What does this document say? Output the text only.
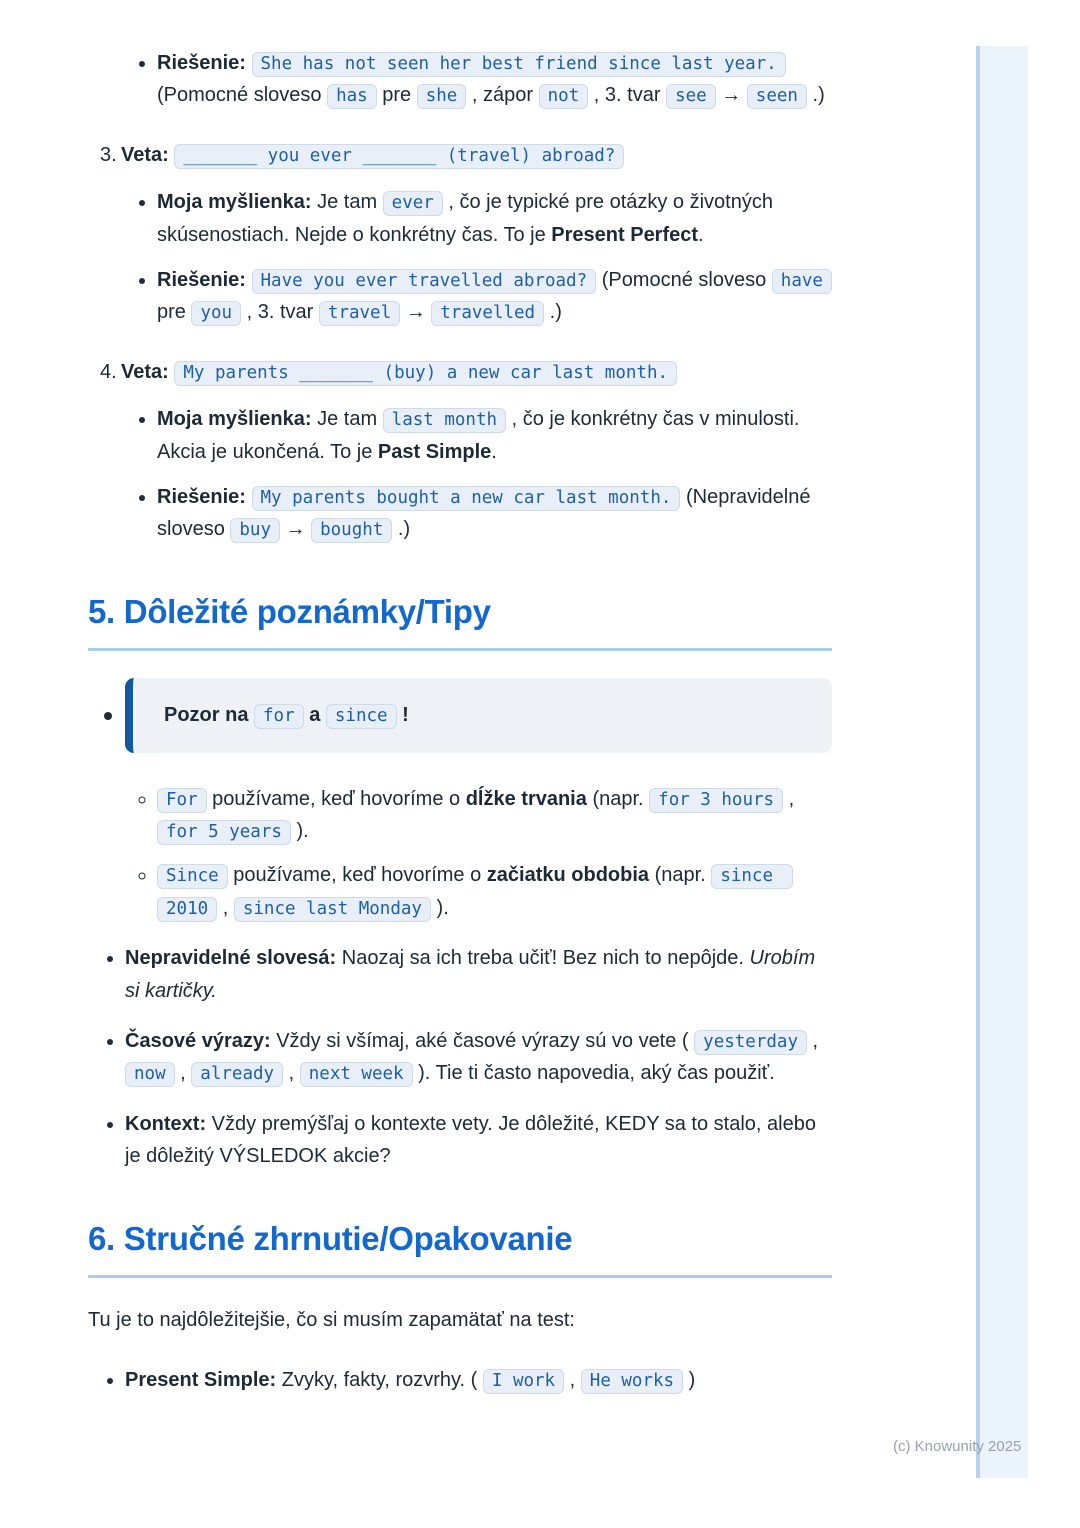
• Riešenie: She has not seen her best friend since last year. (Pomocné sloveso has pre she , zápor not , 3. tvar see → seen .)
3. Veta: _______ you ever _______ (travel) abroad?
• Moja myšlienka: Je tam ever , čo je typické pre otázky o životných skúsenostiach. Nejde o konkrétny čas. To je Present Perfect.
• Riešenie: Have you ever travelled abroad? (Pomocné sloveso have pre you , 3. tvar travel → travelled .)
4. Veta: My parents _______ (buy) a new car last month.
• Moja myšlienka: Je tam last month , čo je konkrétny čas v minulosti. Akcia je ukončená. To je Past Simple.
• Riešenie: My parents bought a new car last month. (Nepravidelné sloveso buy → bought .)
5. Dôležité poznámky/Tipy
Pozor na for a since !
◦ For používame, keď hovoríme o dĺžke trvania (napr. for 3 hours , for 5 years ).
◦ Since používame, keď hovoríme o začiatku obdobia (napr. since 2010 , since last Monday ).
• Nepravidelné slovesá: Naozaj sa ich treba učiť! Bez nich to nepôjde. Urobím si kartičky.
• Časové výrazy: Vždy si všímaj, aké časové výrazy sú vo vete ( yesterday , now , already , next week ). Tie ti často napovedia, aký čas použiť.
• Kontext: Vždy premýšľaj o kontexte vety. Je dôležité, KEDY sa to stalo, alebo je dôležitý VÝSLEDOK akcie?
6. Stručné zhrnutie/Opakovanie

Tu je to najdôležitejšie, čo si musím zapamätať na test:

• Present Simple: Zvyky, fakty, rozvrhy. ( I work , He works )
(c) Knowunity 2025
